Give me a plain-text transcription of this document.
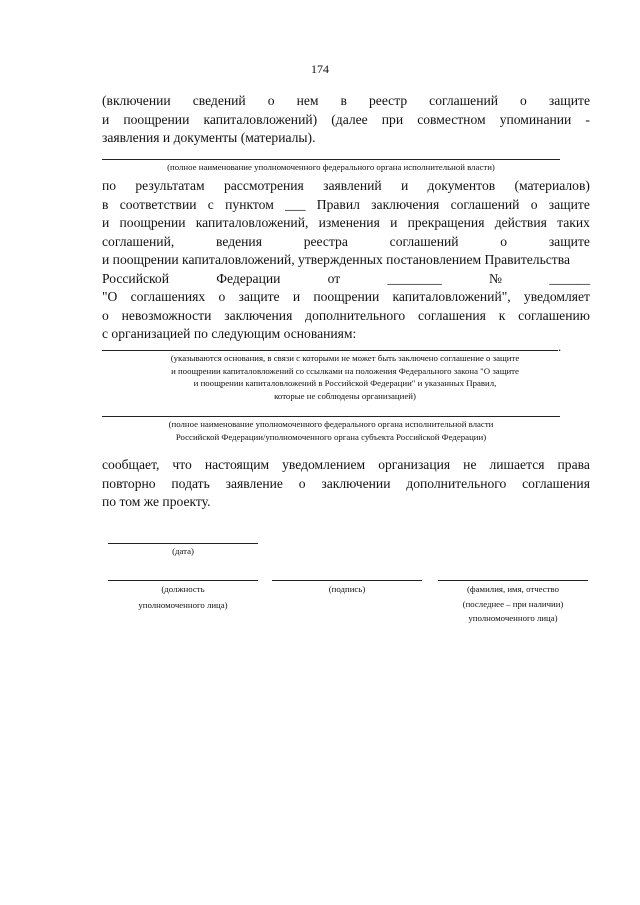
174
(включении сведений о нем в реестр соглашений о защите
и поощрении капиталовложений) (далее при совместном упоминании -
заявления и документы (материалы).
(полное наименование уполномоченного федерального органа исполнительной власти)
по результатам рассмотрения заявлений и документов (материалов)
в соответствии с пунктом ___ Правил заключения соглашений о защите
и поощрении капиталовложений, изменения и прекращения действия таких
соглашений,	ведения	реестра	соглашений	о	защите
и поощрении капиталовложений, утвержденных постановлением Правительства
Российской	Федерации	от	________	№	______
"О соглашениях о защите и поощрении капиталовложений", уведомляет
о невозможности заключения дополнительного соглашения к соглашению
с организацией по следующим основаниям:
.
(указываются основания, в связи с которыми не может быть заключено соглашение о защите
и поощрении капиталовложений со ссылками на положения Федерального закона "О защите
и поощрении капиталовложений в Российской Федерации" и указанных Правил,
которые не соблюдены организацией)
(полное наименование уполномоченного федерального органа исполнительной власти
Российской Федерации/уполномоченного органа субъекта Российской Федерации)
сообщает, что настоящим уведомлением организация не лишается права
повторно подать заявление о заключении дополнительного соглашения
по том же проекту.
(дата)
(должность
уполномоченного лица)
(подпись)	(фамилия, имя, отчество
(последнее – при наличии)
уполномоченного лица)
